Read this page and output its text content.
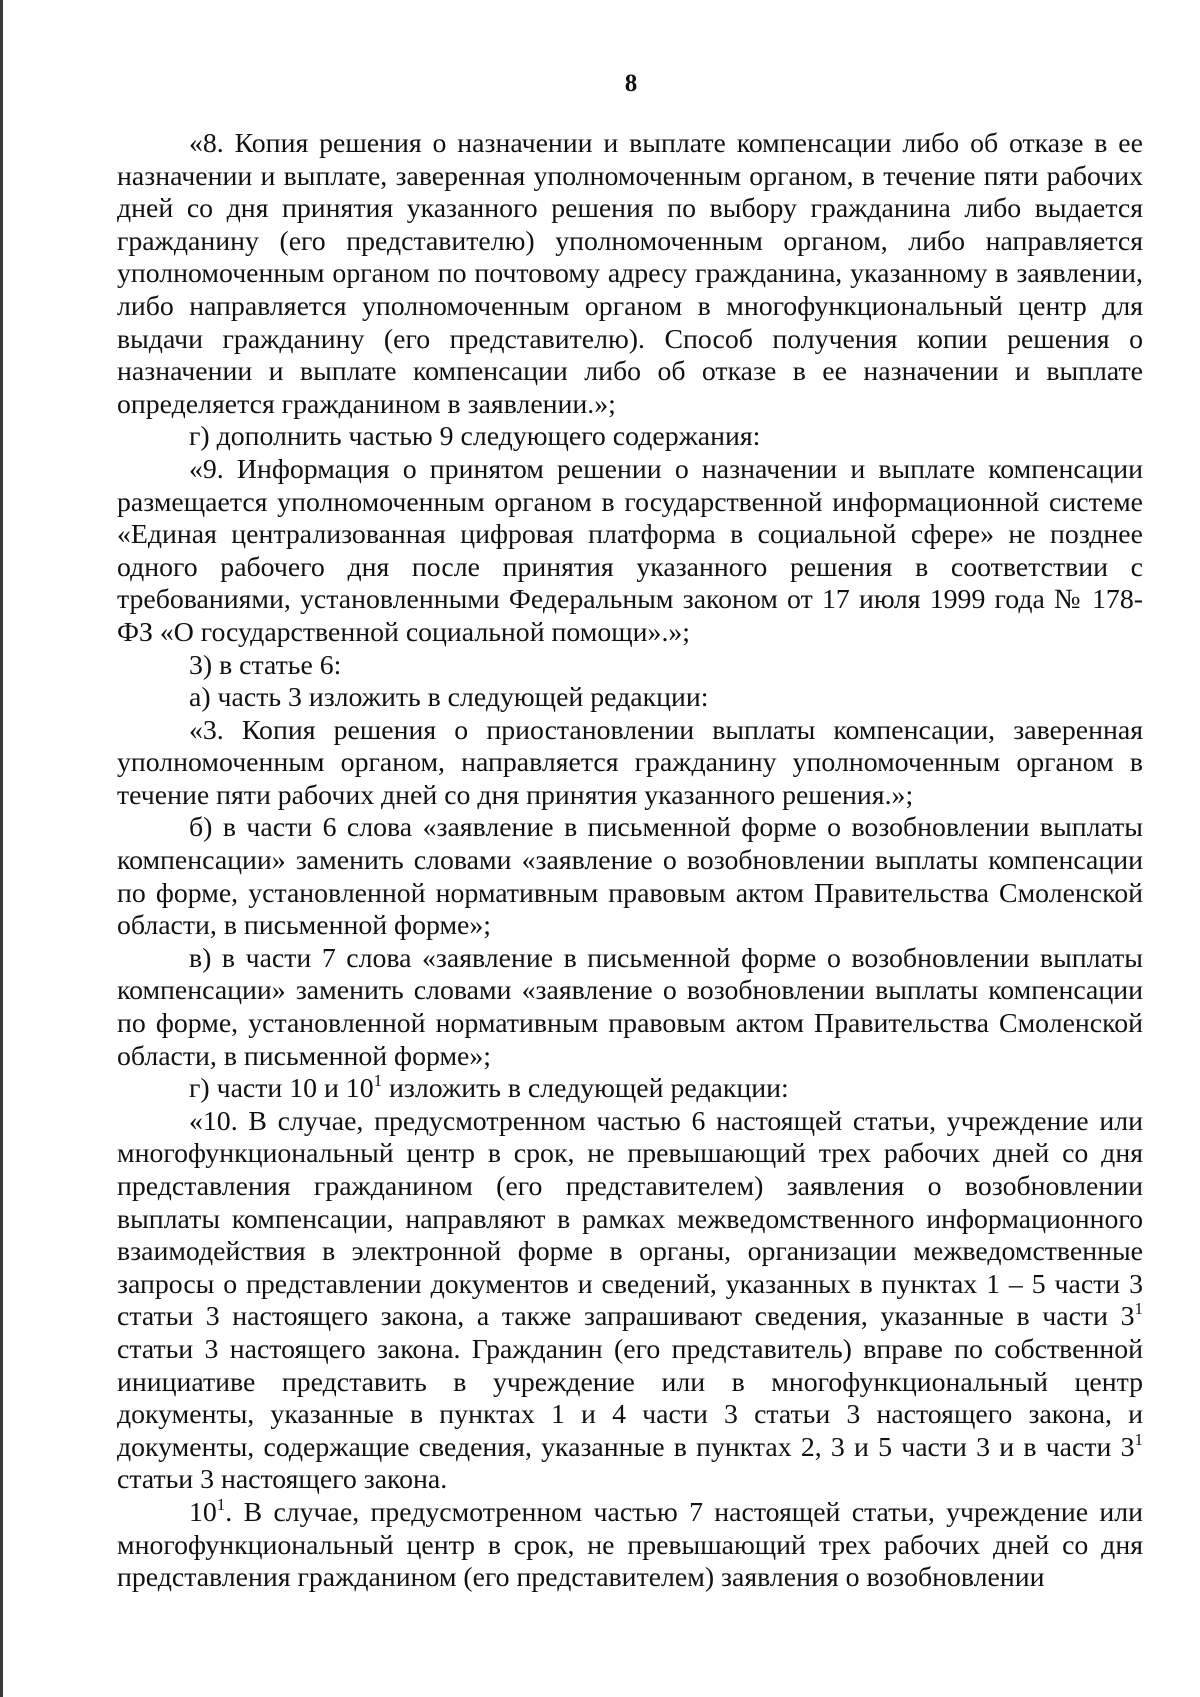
8

«8. Копия решения о назначении и выплате компенсации либо об отказе в ее назначении и выплате, заверенная уполномоченным органом, в течение пяти рабочих дней со дня принятия указанного решения по выбору гражданина либо выдается гражданину (его представителю) уполномоченным органом, либо направляется уполномоченным органом по почтовому адресу гражданина, указанному в заявлении, либо направляется уполномоченным органом в многофункциональный центр для выдачи гражданину (его представителю). Способ получения копии решения о назначении и выплате компенсации либо об отказе в ее назначении и выплате определяется гражданином в заявлении.»;

г) дополнить частью 9 следующего содержания:

«9. Информация о принятом решении о назначении и выплате компенсации размещается уполномоченным органом в государственной информационной системе «Единая централизованная цифровая платформа в социальной сфере» не позднее одного рабочего дня после принятия указанного решения в соответствии с требованиями, установленными Федеральным законом от 17 июля 1999 года № 178-ФЗ «О государственной социальной помощи».»;

3) в статье 6:

а) часть 3 изложить в следующей редакции:

«3. Копия решения о приостановлении выплаты компенсации, заверенная уполномоченным органом, направляется гражданину уполномоченным органом в течение пяти рабочих дней со дня принятия указанного решения.»;

б) в части 6 слова «заявление в письменной форме о возобновлении выплаты компенсации» заменить словами «заявление о возобновлении выплаты компенсации по форме, установленной нормативным правовым актом Правительства Смоленской области, в письменной форме»;

в) в части 7 слова «заявление в письменной форме о возобновлении выплаты компенсации» заменить словами «заявление о возобновлении выплаты компенсации по форме, установленной нормативным правовым актом Правительства Смоленской области, в письменной форме»;

г) части 10 и $10^1$ изложить в следующей редакции:

«10. В случае, предусмотренном частью 6 настоящей статьи, учреждение или многофункциональный центр в срок, не превышающий трех рабочих дней со дня представления гражданином (его представителем) заявления о возобновлении выплаты компенсации, направляют в рамках межведомственного информационного взаимодействия в электронной форме в органы, организации межведомственные запросы о представлении документов и сведений, указанных в пунктах 1 – 5 части 3 статьи 3 настоящего закона, а также запрашивают сведения, указанные в части $3^1$ статьи 3 настоящего закона. Гражданин (его представитель) вправе по собственной инициативе представить в учреждение или в многофункциональный центр документы, указанные в пунктах 1 и 4 части 3 статьи 3 настоящего закона, и документы, содержащие сведения, указанные в пунктах 2, 3 и 5 части 3 и в части $3^1$ статьи 3 настоящего закона.

$10^1$. В случае, предусмотренном частью 7 настоящей статьи, учреждение или многофункциональный центр в срок, не превышающий трех рабочих дней со дня представления гражданином (его представителем) заявления о возобновлении
